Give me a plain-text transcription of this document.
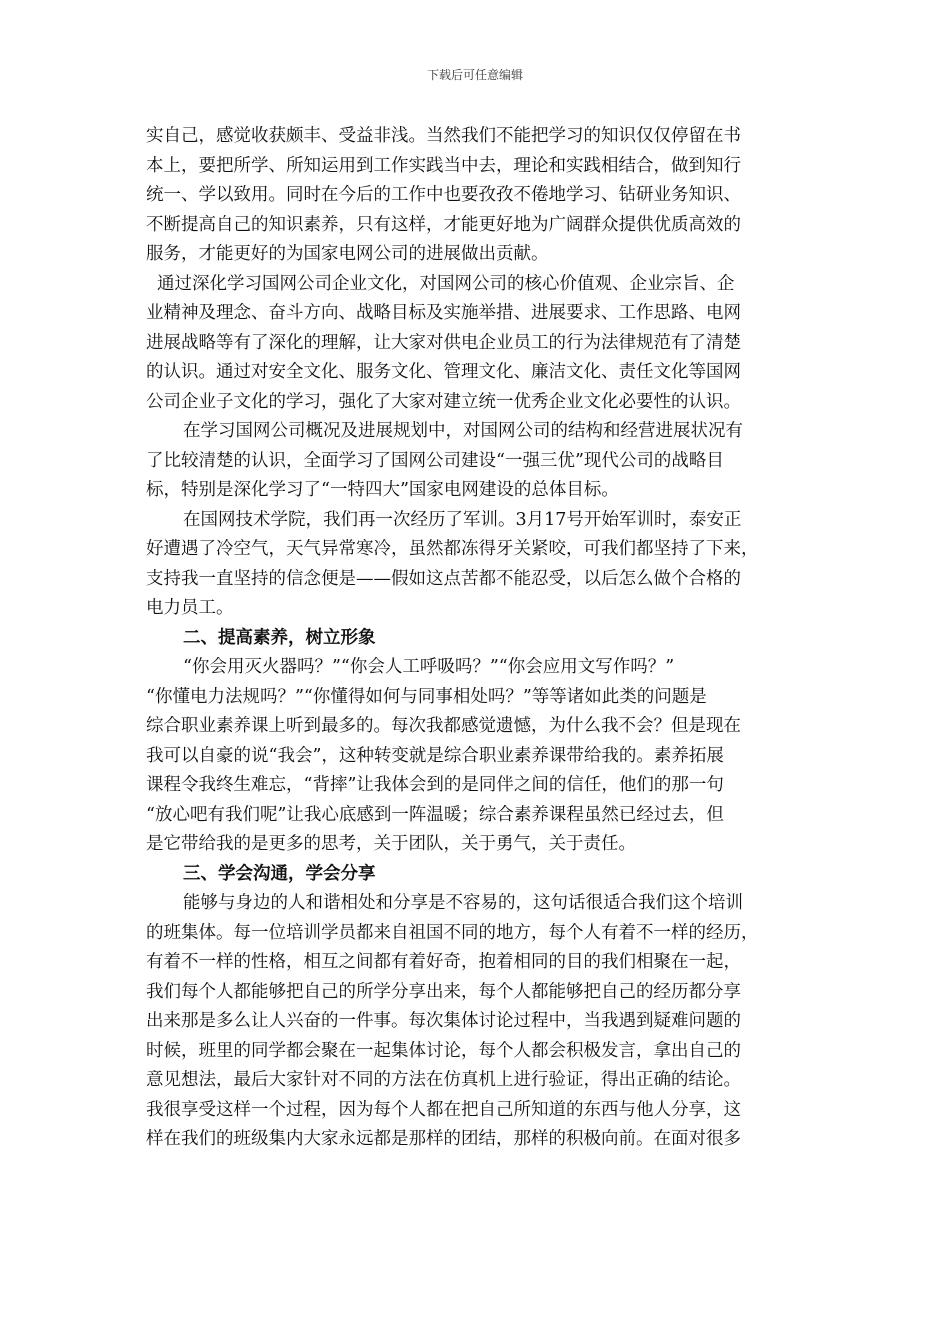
下载后可任意编辑
实自己，感觉收获颇丰、受益非浅。当然我们不能把学习的知识仅仅停留在书
本上，要把所学、所知运用到工作实践当中去，理论和实践相结合，做到知行
统一、学以致用。同时在今后的工作中也要孜孜不倦地学习、钻研业务知识、
不断提高自己的知识素养，只有这样，才能更好地为广阔群众提供优质高效的
服务，才能更好的为国家电网公司的进展做出贡献。
通过深化学习国网公司企业文化，对国网公司的核心价值观、企业宗旨、企
业精神及理念、奋斗方向、战略目标及实施举措、进展要求、工作思路、电网
进展战略等有了深化的理解，让大家对供电企业员工的行为法律规范有了清楚
的认识。通过对安全文化、服务文化、管理文化、廉洁文化、责任文化等国网
公司企业子文化的学习，强化了大家对建立统一优秀企业文化必要性的认识。
在学习国网公司概况及进展规划中，对国网公司的结构和经营进展状况有
了比较清楚的认识，全面学习了国网公司建设“一强三优”现代公司的战略目
标，特别是深化学习了“一特四大”国家电网建设的总体目标。
在国网技术学院，我们再一次经历了军训。3月17号开始军训时，泰安正
好遭遇了冷空气，天气异常寒冷，虽然都冻得牙关紧咬，可我们都坚持了下来，
支持我一直坚持的信念便是——假如这点苦都不能忍受，以后怎么做个合格的
电力员工。
二、提高素养，树立形象
“你会用灭火器吗？”“你会人工呼吸吗？”“你会应用文写作吗？”
“你懂电力法规吗？”“你懂得如何与同事相处吗？”等等诸如此类的问题是
综合职业素养课上听到最多的。每次我都感觉遗憾，为什么我不会？但是现在
我可以自豪的说“我会”，这种转变就是综合职业素养课带给我的。素养拓展
课程令我终生难忘，“背摔”让我体会到的是同伴之间的信任，他们的那一句
“放心吧有我们呢”让我心底感到一阵温暖；综合素养课程虽然已经过去，但
是它带给我的是更多的思考，关于团队，关于勇气，关于责任。
三、学会沟通，学会分享
能够与身边的人和谐相处和分享是不容易的，这句话很适合我们这个培训
的班集体。每一位培训学员都来自祖国不同的地方，每个人有着不一样的经历，
有着不一样的性格，相互之间都有着好奇，抱着相同的目的我们相聚在一起，
我们每个人都能够把自己的所学分享出来，每个人都能够把自己的经历都分享
出来那是多么让人兴奋的一件事。每次集体讨论过程中，当我遇到疑难问题的
时候，班里的同学都会聚在一起集体讨论，每个人都会积极发言，拿出自己的
意见想法，最后大家针对不同的方法在仿真机上进行验证，得出正确的结论。
我很享受这样一个过程，因为每个人都在把自己所知道的东西与他人分享，这
样在我们的班级集内大家永远都是那样的团结，那样的积极向前。在面对很多
